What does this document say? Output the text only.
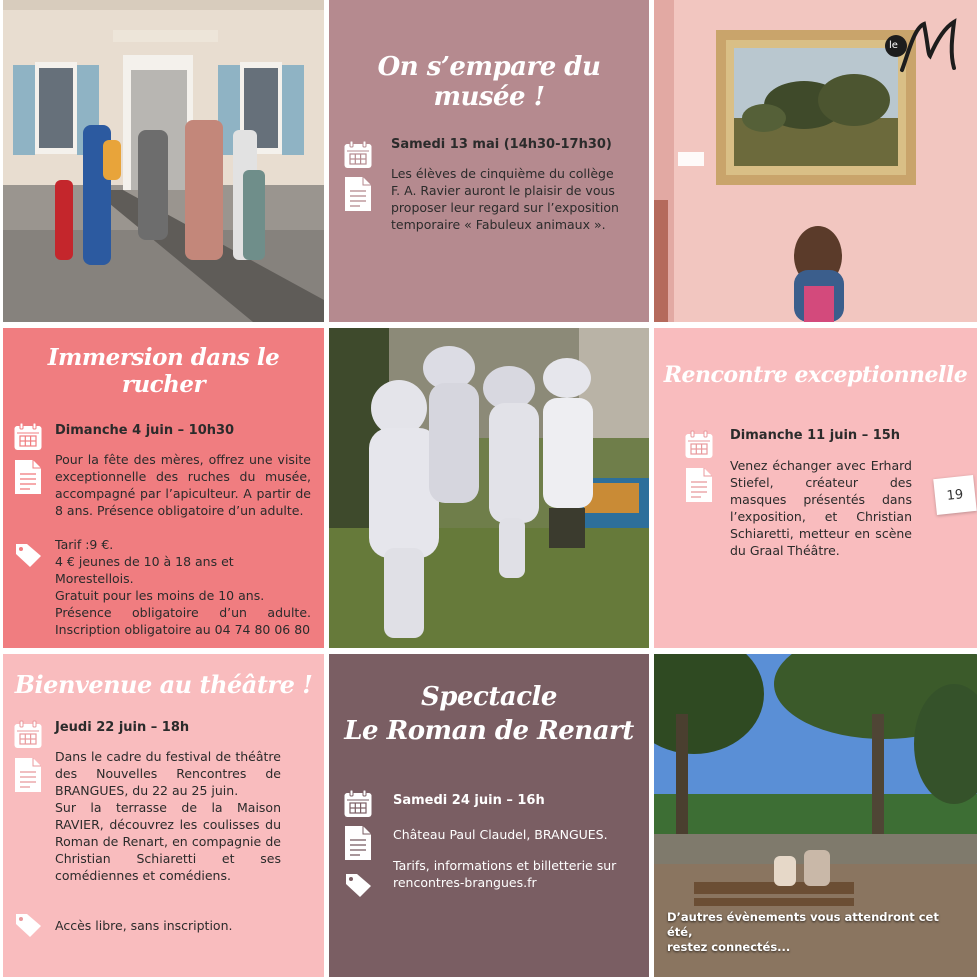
On s’empare du musée !
Samedi 13 mai (14h30-17h30)

Les élèves de cinquième du collège F. A. Ravier auront le plaisir de vous proposer leur regard sur l’exposition temporaire « Fabuleux animaux ».

le
Immersion dans le rucher
Dimanche 4 juin – 10h30

Pour la fête des mères, offrez une visite exceptionnelle des ruches du musée, accompagné par l’apiculteur. A partir de 8 ans. Présence obligatoire d’un adulte.

Tarif :9 €.

4 € jeunes de 10 à 18 ans et Morestellois.

Gratuit pour les moins de 10 ans.

Présence obligatoire d’un adulte.

Inscription obligatoire au 04 74 80 06 80

Rencontre exceptionnelle
Dimanche 11 juin – 15h

Venez échanger avec Erhard Stiefel, créateur des masques présentés dans l’exposition, et Christian Schiaretti, metteur en scène du Graal Théâtre.

19
Bienvenue au théâtre !
Jeudi 22 juin – 18h

Dans le cadre du festival de théâtre des Nouvelles Rencontres de BRANGUES, du 22 au 25 juin.

Sur la terrasse de la Maison RAVIER, découvrez les coulisses du Roman de Renart, en compagnie de Christian Schiaretti et ses comédiennes et comédiens.

Accès libre, sans inscription.
Spectacle
Le Roman de Renart
Samedi 24 juin – 16h

Château Paul Claudel, BRANGUES.

Tarifs, informations et billetterie sur rencontres-brangues.fr

D’autres évènements vous attendront cet été,
restez connectés...
